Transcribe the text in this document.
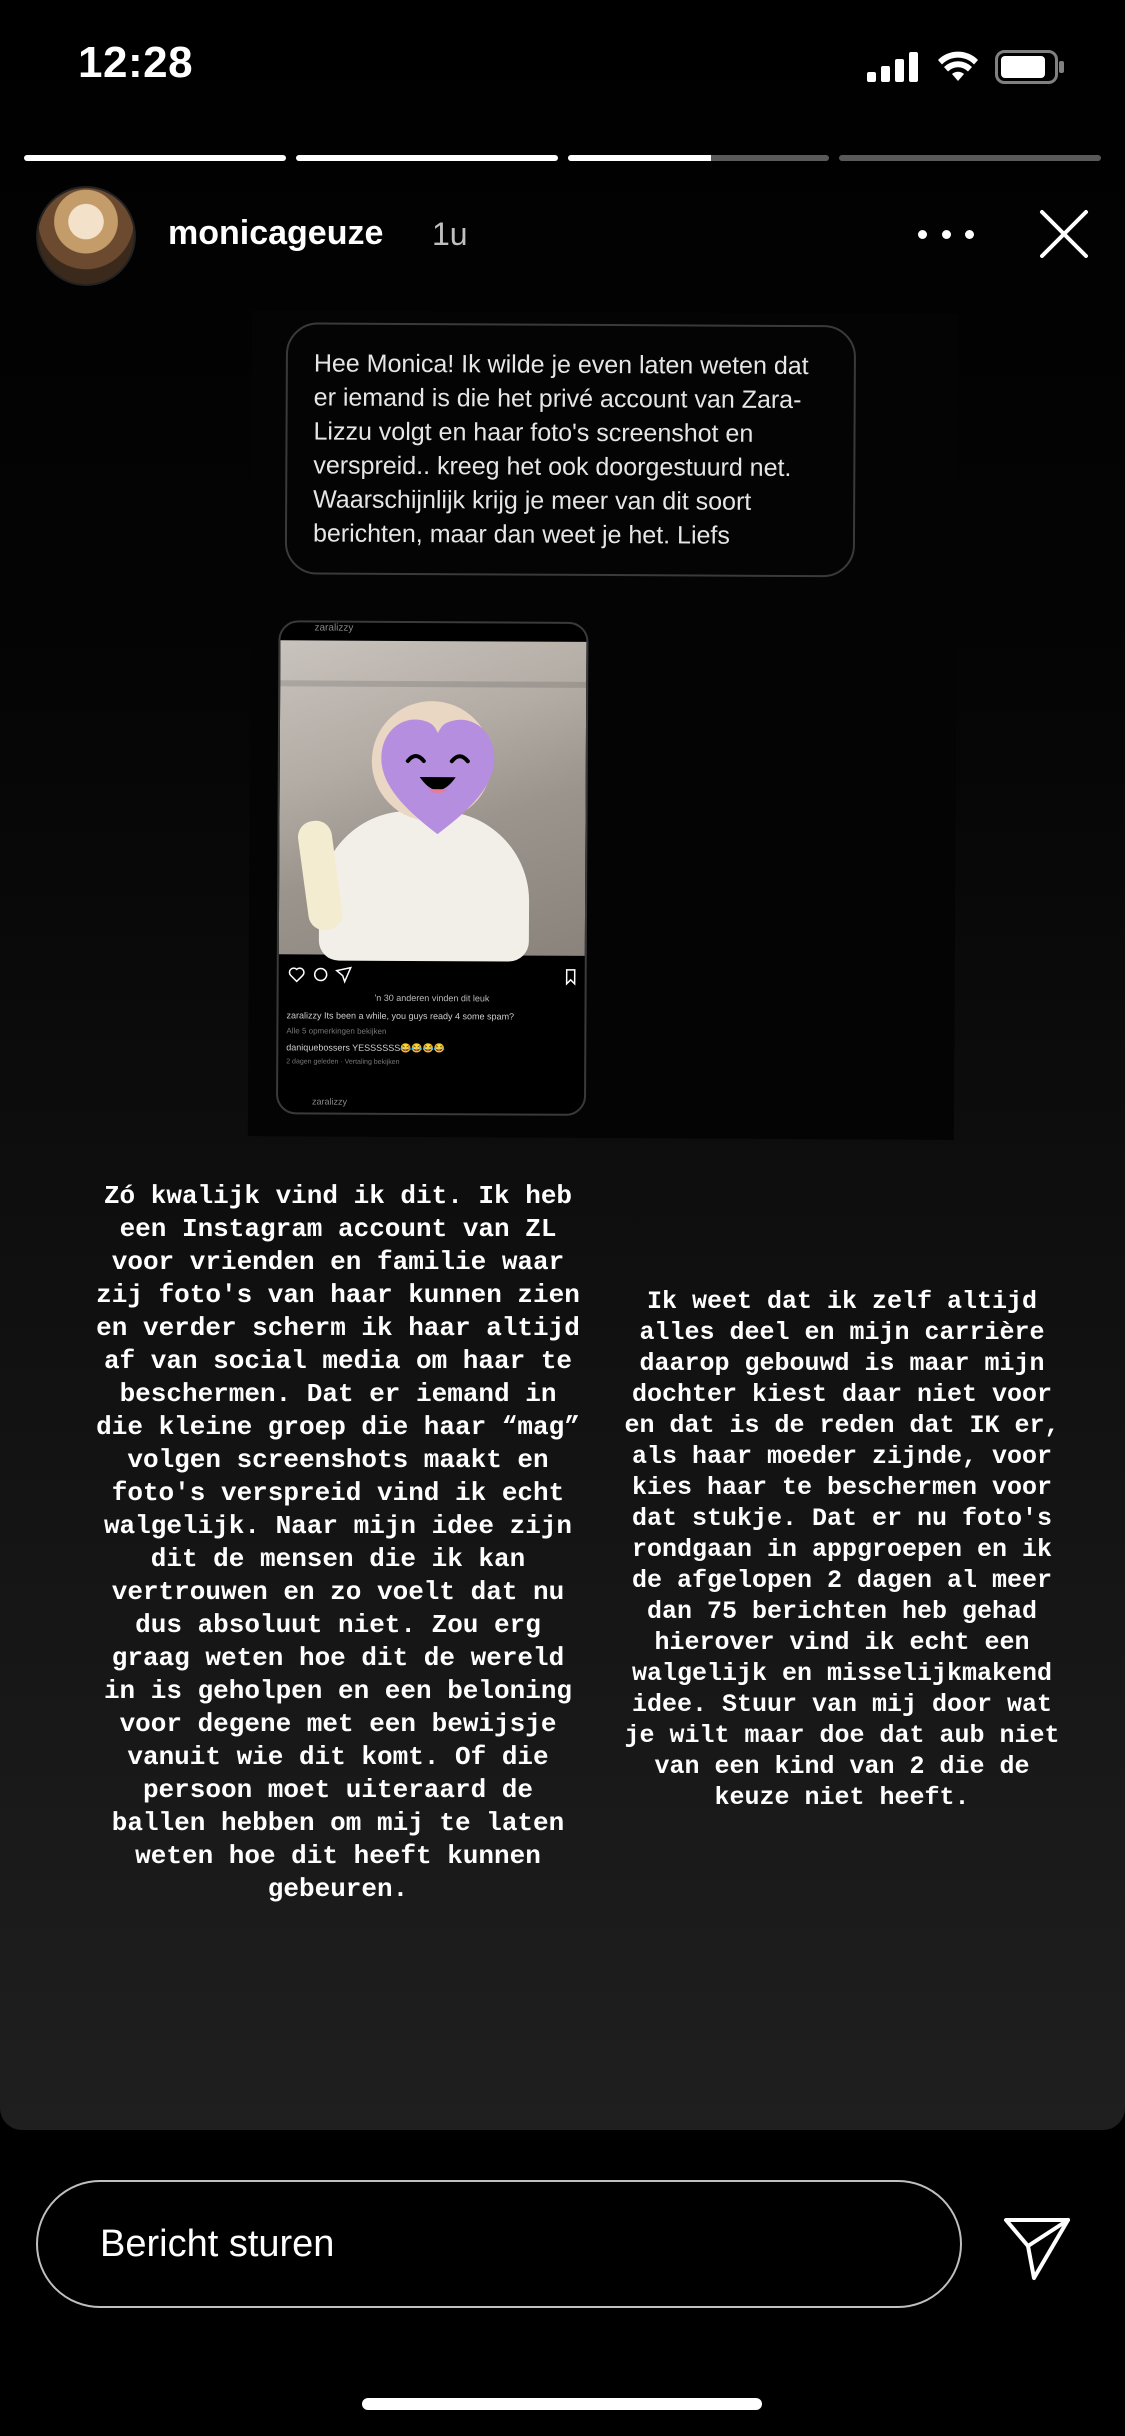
12:28
monicageuze 1u
Hee Monica! Ik wilde je even laten weten dat er iemand is die het privé account van Zara-Lizzu volgt en haar foto's screenshot en verspreid.. kreeg het ook doorgestuurd net. Waarschijnlijk krijg je meer van dit soort berichten, maar dan weet je het. Liefs
zaralizzy
'n 30 anderen vinden dit leuk
zaralizzy Its been a while, you guys ready 4 some spam?
Alle 5 opmerkingen bekijken
daniquebossers YESSSSSS😂😂😂😂
2 dagen geleden · Vertaling bekijken
zaralizzy
Zó kwalijk vind ik dit. Ik heb een Instagram account van ZL voor vrienden en familie waar zij foto's van haar kunnen zien en verder scherm ik haar altijd af van social media om haar te beschermen. Dat er iemand in die kleine groep die haar “mag” volgen screenshots maakt en foto's verspreid vind ik echt walgelijk. Naar mijn idee zijn dit de mensen die ik kan vertrouwen en zo voelt dat nu dus absoluut niet. Zou erg graag weten hoe dit de wereld in is geholpen en een beloning voor degene met een bewijsje vanuit wie dit komt. Of die persoon moet uiteraard de ballen hebben om mij te laten weten hoe dit heeft kunnen gebeuren.
Ik weet dat ik zelf altijd alles deel en mijn carrière daarop gebouwd is maar mijn dochter kiest daar niet voor en dat is de reden dat IK er, als haar moeder zijnde, voor kies haar te beschermen voor dat stukje. Dat er nu foto's rondgaan in appgroepen en ik de afgelopen 2 dagen al meer dan 75 berichten heb gehad hierover vind ik echt een walgelijk en misselijkmakend idee. Stuur van mij door wat je wilt maar doe dat aub niet van een kind van 2 die de keuze niet heeft.
Bericht sturen
